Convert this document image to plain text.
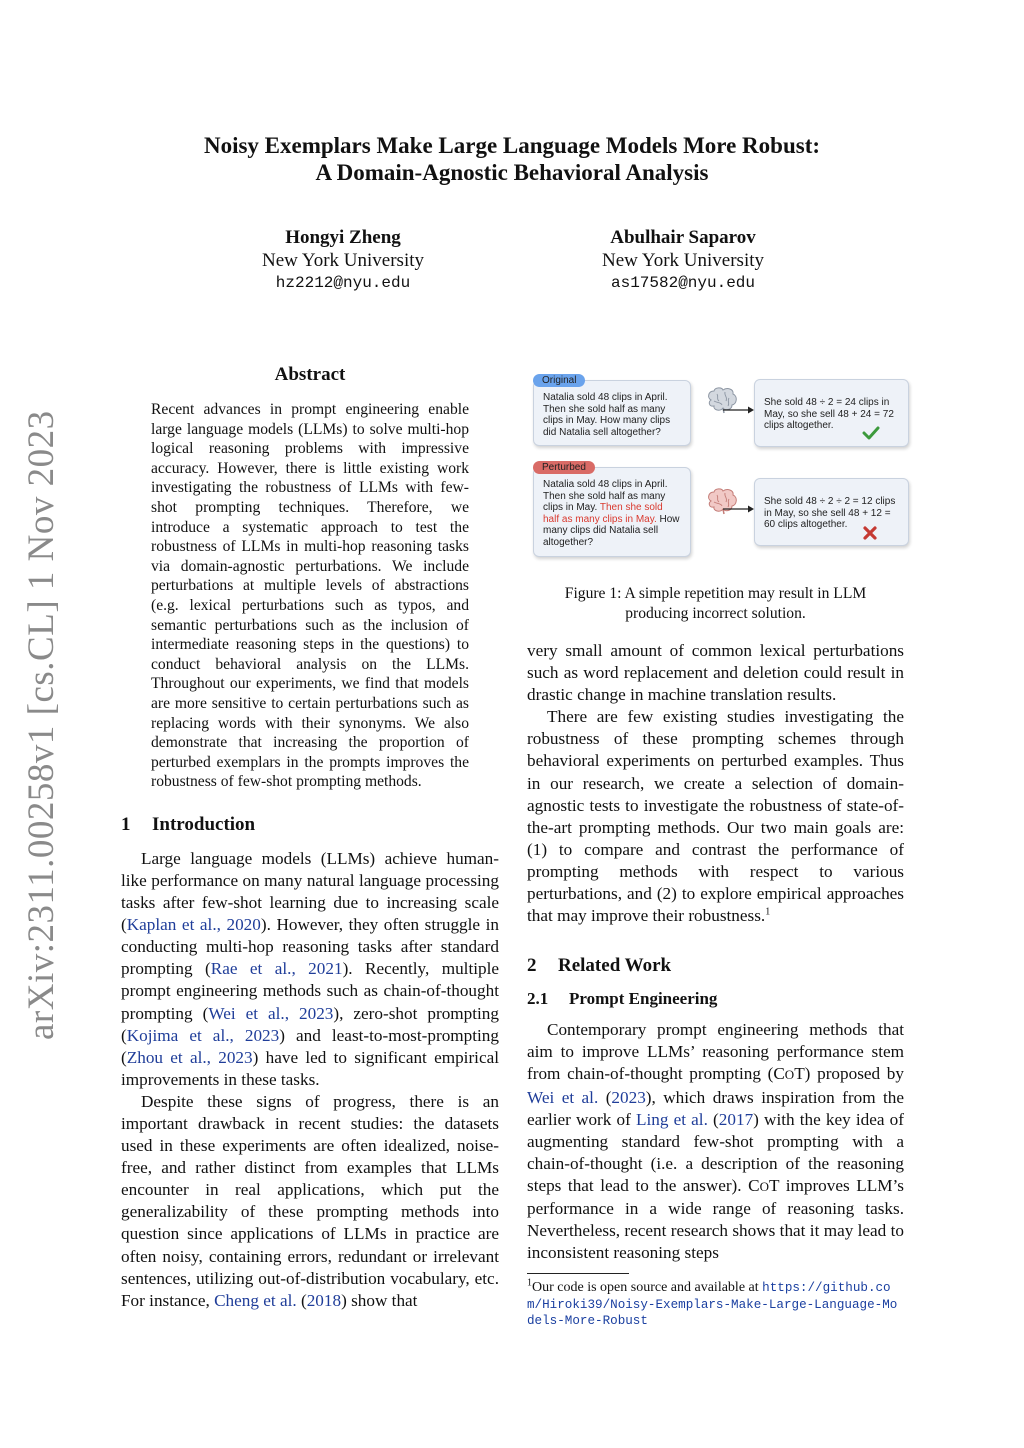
arXiv:2311.00258v1 [cs.CL] 1 Nov 2023
Noisy Exemplars Make Large Language Models More Robust:
A Domain-Agnostic Behavioral Analysis
Hongyi Zheng
New York University
hz2212@nyu.edu
Abulhair Saparov
New York University
as17582@nyu.edu
Abstract

Recent advances in prompt engineering enable large language models (LLMs) to solve multi-hop logical reasoning problems with impressive accuracy. However, there is little existing work investigating the robustness of LLMs with few-shot prompting techniques. Therefore, we introduce a systematic approach to test the robustness of LLMs in multi-hop reasoning tasks via domain-agnostic perturbations. We include perturbations at multiple levels of abstractions (e.g. lexical perturbations such as typos, and semantic perturbations such as the inclusion of intermediate reasoning steps in the questions) to conduct behavioral analysis on the LLMs. Throughout our experiments, we find that models are more sensitive to certain perturbations such as replacing words with their synonyms. We also demonstrate that increasing the proportion of perturbed exemplars in the prompts improves the robustness of few-shot prompting methods.

1 Introduction

Large language models (LLMs) achieve human-like performance on many natural language processing tasks after few-shot learning due to increasing scale (Kaplan et al., 2020). However, they often struggle in conducting multi-hop reasoning tasks after standard prompting (Rae et al., 2021). Recently, multiple prompt engineering methods such as chain-of-thought prompting (Wei et al., 2023), zero-shot prompting (Kojima et al., 2023) and least-to-most-prompting (Zhou et al., 2023) have led to significant empirical improvements in these tasks.

Despite these signs of progress, there is an important drawback in recent studies: the datasets used in these experiments are often idealized, noise-free, and rather distinct from examples that LLMs encounter in real applications, which put the generalizability of these prompting methods into question since applications of LLMs in practice are often noisy, containing errors, redundant or irrelevant sentences, utilizing out-of-distribution vocabulary, etc. For instance, Cheng et al. (2018) show that

Natalia sold 48 clips in April. Then she sold half as many clips in May. How many clips did Natalia sell altogether?
Original
She sold 48 ÷ 2 = 24 clips in May, so she sell 48 + 24 = 72 clips altogether.
Natalia sold 48 clips in April. Then she sold half as many clips in May. Then she sold half as many clips in May. How many clips did Natalia sell altogether?
Perturbed
She sold 48 ÷ 2 ÷ 2 = 12 clips in May, so she sell 48 + 12 = 60 clips altogether.
Figure 1: A simple repetition may result in LLM
producing incorrect solution.

very small amount of common lexical perturbations such as word replacement and deletion could result in drastic change in machine translation results.

There are few existing studies investigating the robustness of these prompting schemes through behavioral experiments on perturbed examples. Thus in our research, we create a selection of domain-agnostic tests to investigate the robustness of state-of-the-art prompting methods. Our two main goals are: (1) to compare and contrast the performance of prompting methods with respect to various perturbations, and (2) to explore empirical approaches that may improve their robustness.$^1$

2 Related Work
2.1 Prompt Engineering

Contemporary prompt engineering methods that aim to improve LLMs’ reasoning performance stem from chain-of-thought prompting (COT) proposed by Wei et al. (2023), which draws inspiration from the earlier work of Ling et al. (2017) with the key idea of augmenting standard few-shot prompting with a chain-of-thought (i.e. a description of the reasoning steps that lead to the answer). COT improves LLM’s performance in a wide range of reasoning tasks. Nevertheless, recent research shows that it may lead to inconsistent reasoning steps

$^1$Our code is open source and available at https://github.com/Hiroki39/Noisy-Exemplars-Make-Large-Language-Models-More-Robust
